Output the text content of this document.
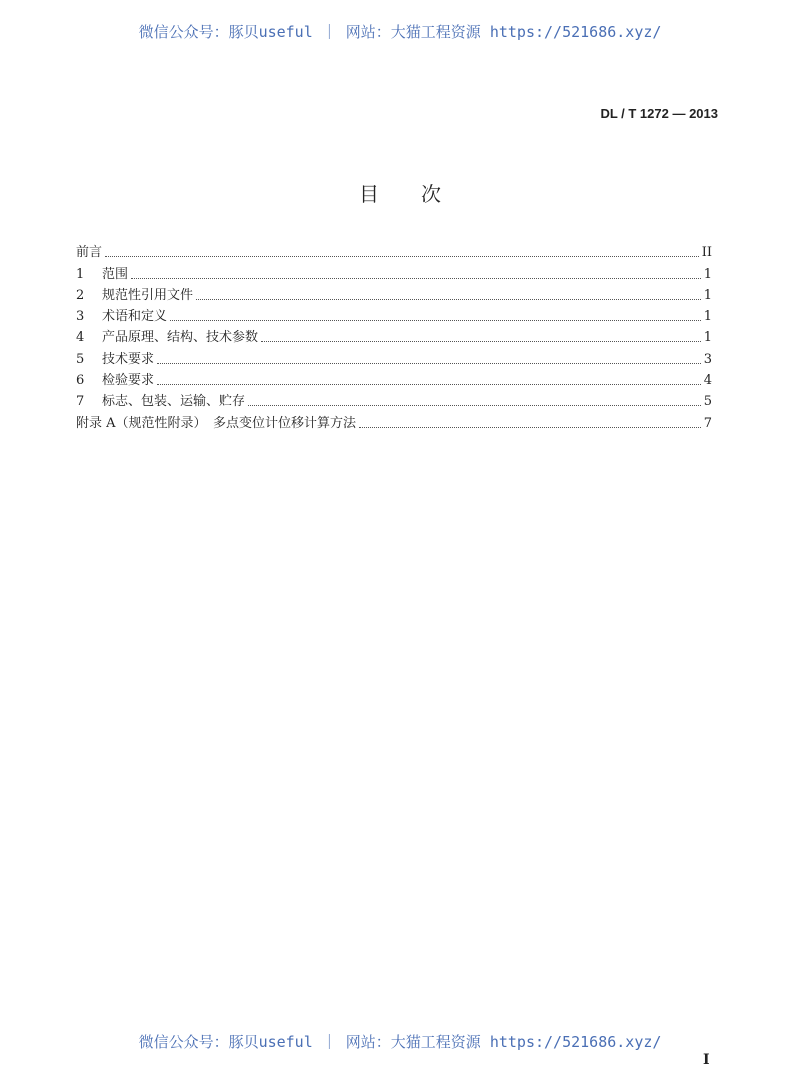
微信公众号：豚贝useful ｜ 网站：大猫工程资源 https://521686.xyz/
DL / T 1272 — 2013
目次
前言	II
1	范围	1
2	规范性引用文件	1
3	术语和定义	1
4	产品原理、结构、技术参数	1
5	技术要求	3
6	检验要求	4
7	标志、包装、运输、贮存	5
附录 A（规范性附录）　多点变位计位移计算方法	7
微信公众号：豚贝useful ｜ 网站：大猫工程资源 https://521686.xyz/
I
